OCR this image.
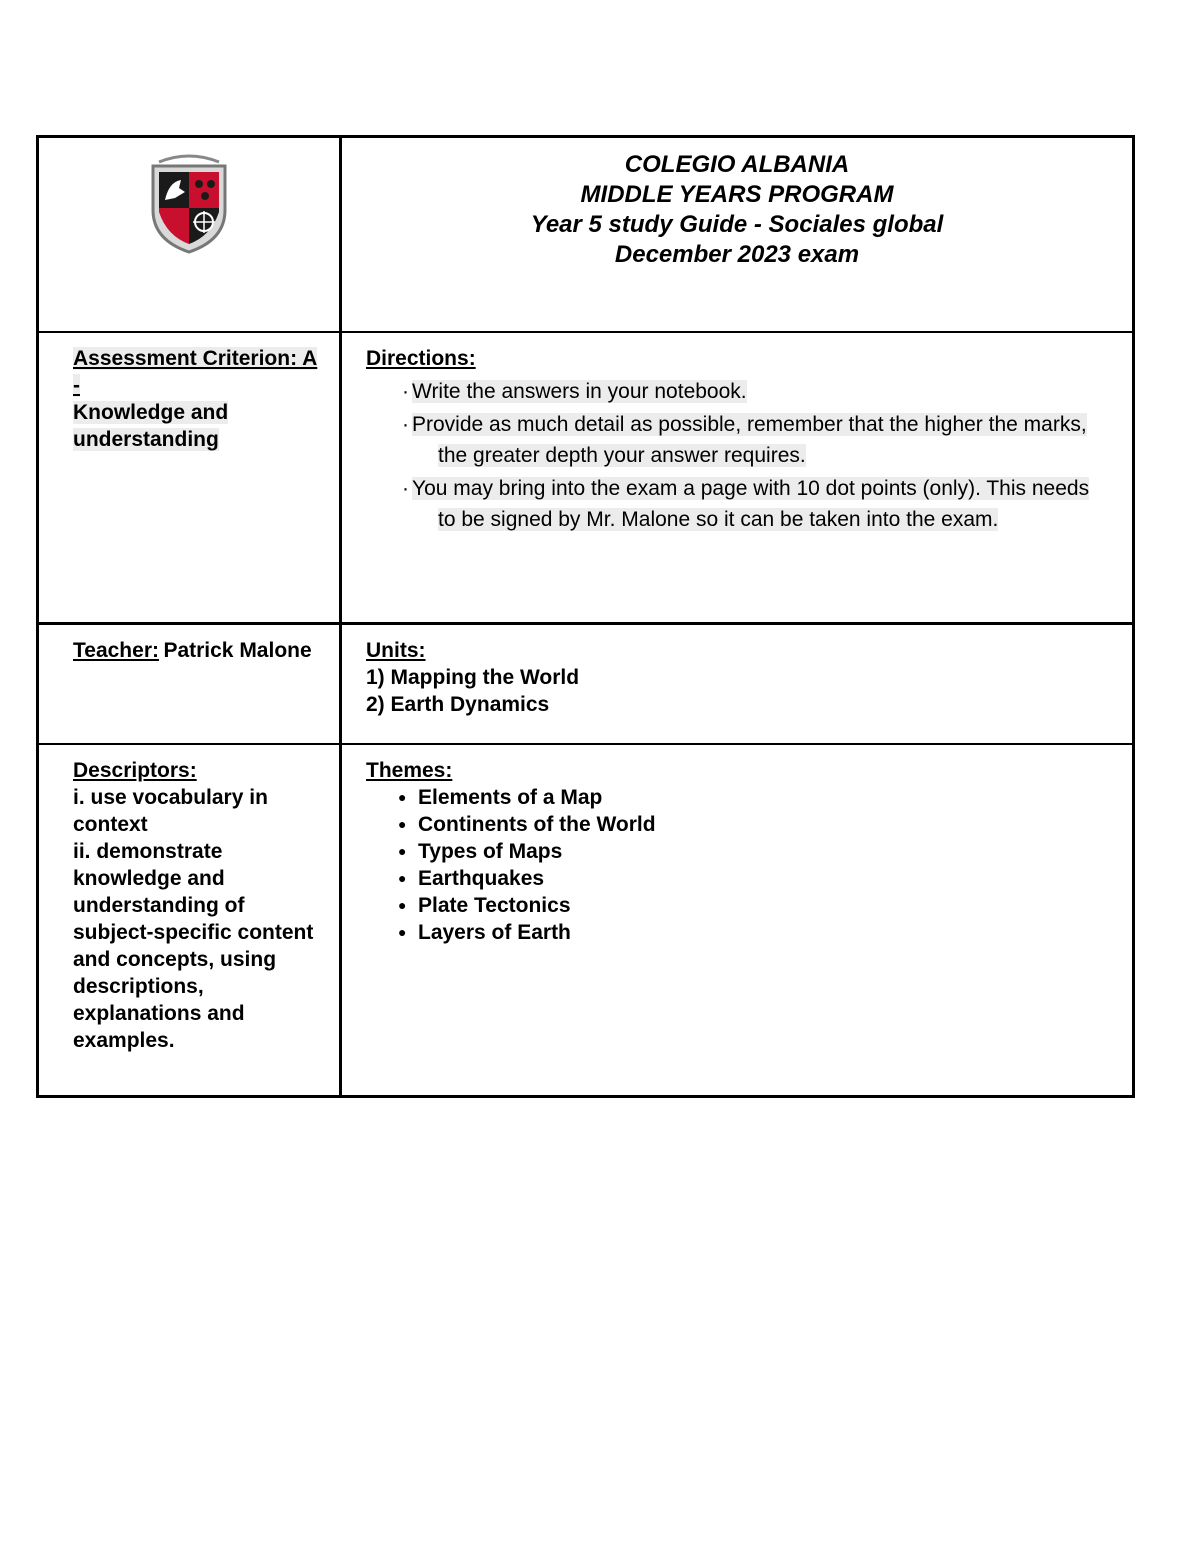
COLEGIO ALBANIA
MIDDLE YEARS PROGRAM
Year 5 study Guide - Sociales global
December 2023 exam
Assessment Criterion: A -
Knowledge and understanding
Directions:
· Write the answers in your notebook.
· Provide as much detail as possible, remember that the higher the marks, the greater depth your answer requires.
· You may bring into the exam a page with 10 dot points (only). This needs to be signed by Mr. Malone so it can be taken into the exam.
Teacher: Patrick Malone	Units:
1) Mapping the World
2) Earth Dynamics
Descriptors:
i. use vocabulary in context
ii. demonstrate knowledge and understanding of subject-specific content and concepts, using descriptions, explanations and examples.
Themes:
● Elements of a Map
● Continents of the World
● Types of Maps
● Earthquakes
● Plate Tectonics
● Layers of Earth
